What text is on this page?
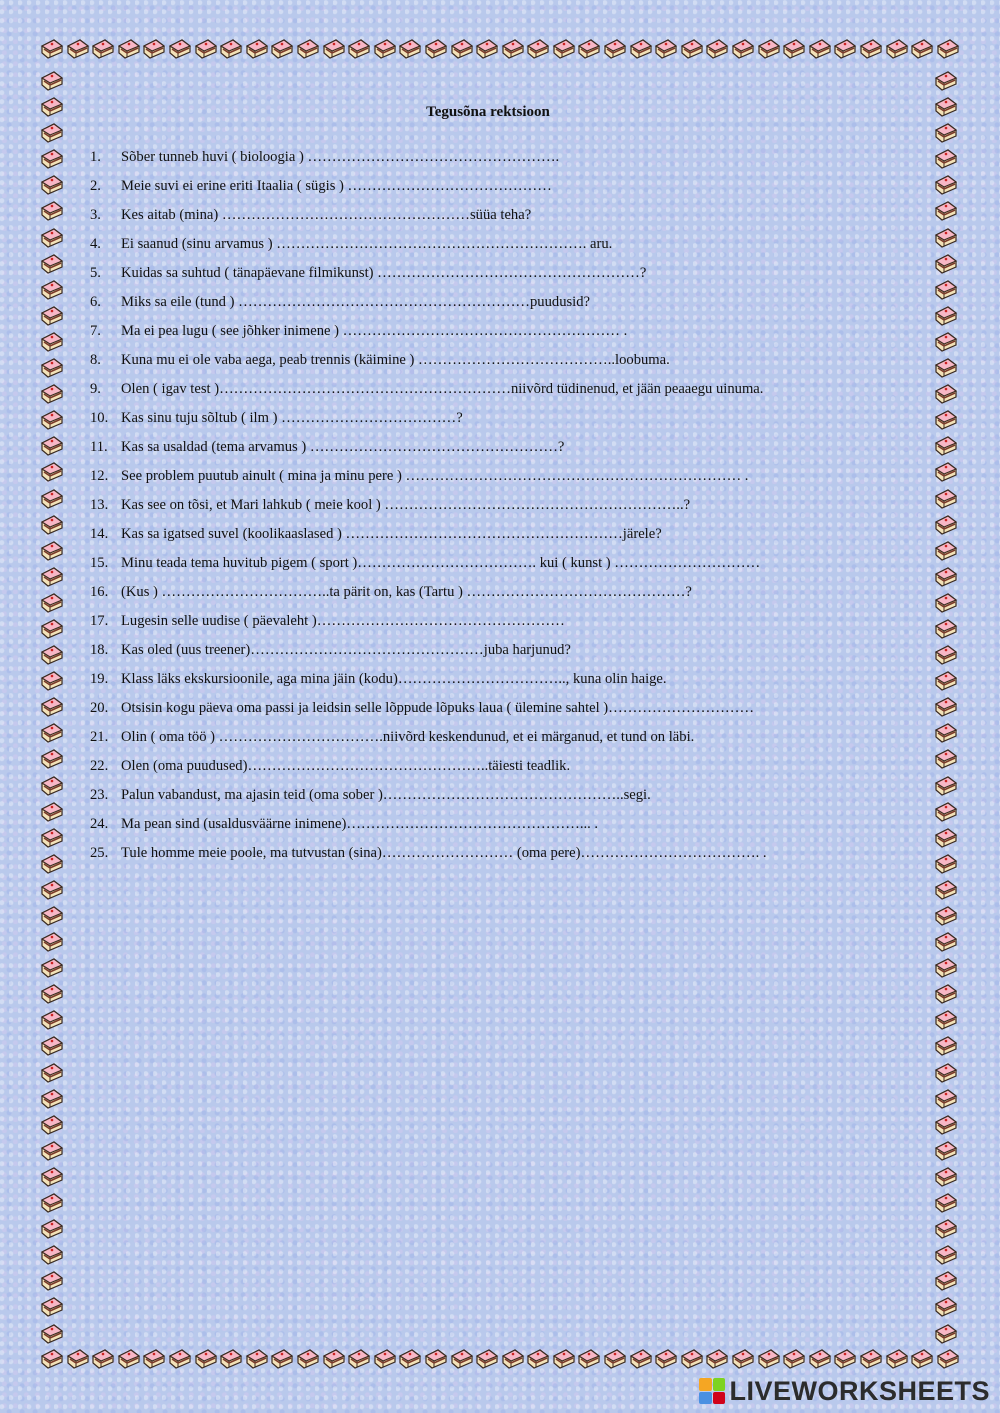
Tegusõna rektsioon
1.	Sõber tunneb huvi ( bioloogia ) …………………………………………….
2.	Meie suvi ei erine eriti Itaalia ( sügis ) ……………………………………
3.	Kes aitab (mina) ……………………………………………süüa teha?
4.	Ei saanud (sinu arvamus ) ………………………………………………………. aru.
5.	Kuidas sa suhtud ( tänapäevane filmikunst) ………………………………………………?
6.	Miks sa eile (tund ) ……………………………………………………puudusid?
7.	Ma ei pea lugu ( see jõhker inimene ) ………………………………………………… .
8.	Kuna mu ei ole vaba aega, peab trennis (käimine ) …………………………………..loobuma.
9.	Olen ( igav test )……………………………………………………niivõrd tüdinenud, et jään peaaegu uinuma.
10. Kas sinu tuju sõltub ( ilm ) ………………………………?
11. Kas sa usaldad (tema arvamus ) ……………………………………………?
12. See problem puutub ainult ( mina ja minu pere ) …………………………………………………………… .
13. Kas see on tõsi, et Mari lahkub ( meie kool ) ……………………………………………………..?
14. Kas sa igatsed suvel (koolikaaslased ) …………………………………………………järele?
15. Minu teada tema huvitub pigem ( sport )………………………………. kui ( kunst ) …………………………
16. (Kus ) ……………………………..ta pärit on, kas (Tartu ) ………………………………………?
17. Lugesin selle uudise ( päevaleht )……………………………………………
18. Kas oled (uus treener)…………………………………………juba harjunud?
19. Klass läks ekskursioonile, aga mina jäin (kodu)…………………………….., kuna olin haige.
20. Otsisin kogu päeva oma passi ja leidsin selle lõppude lõpuks laua ( ülemine sahtel )…………………………
21. Olin ( oma töö ) …………………………….niivõrd keskendunud, et ei märganud, et tund on läbi.
22. Olen (oma puudused)…………………………………………..täiesti teadlik.
23. Palun vabandust, ma ajasin teid (oma sober )…………………………………………..segi.
24. Ma pean sind (usaldusväärne inimene)…………………………………………... .
25. Tule homme meie poole, ma tutvustan (sina)……………………… (oma pere)………………………………. .
LIVEWORKSHEETS
